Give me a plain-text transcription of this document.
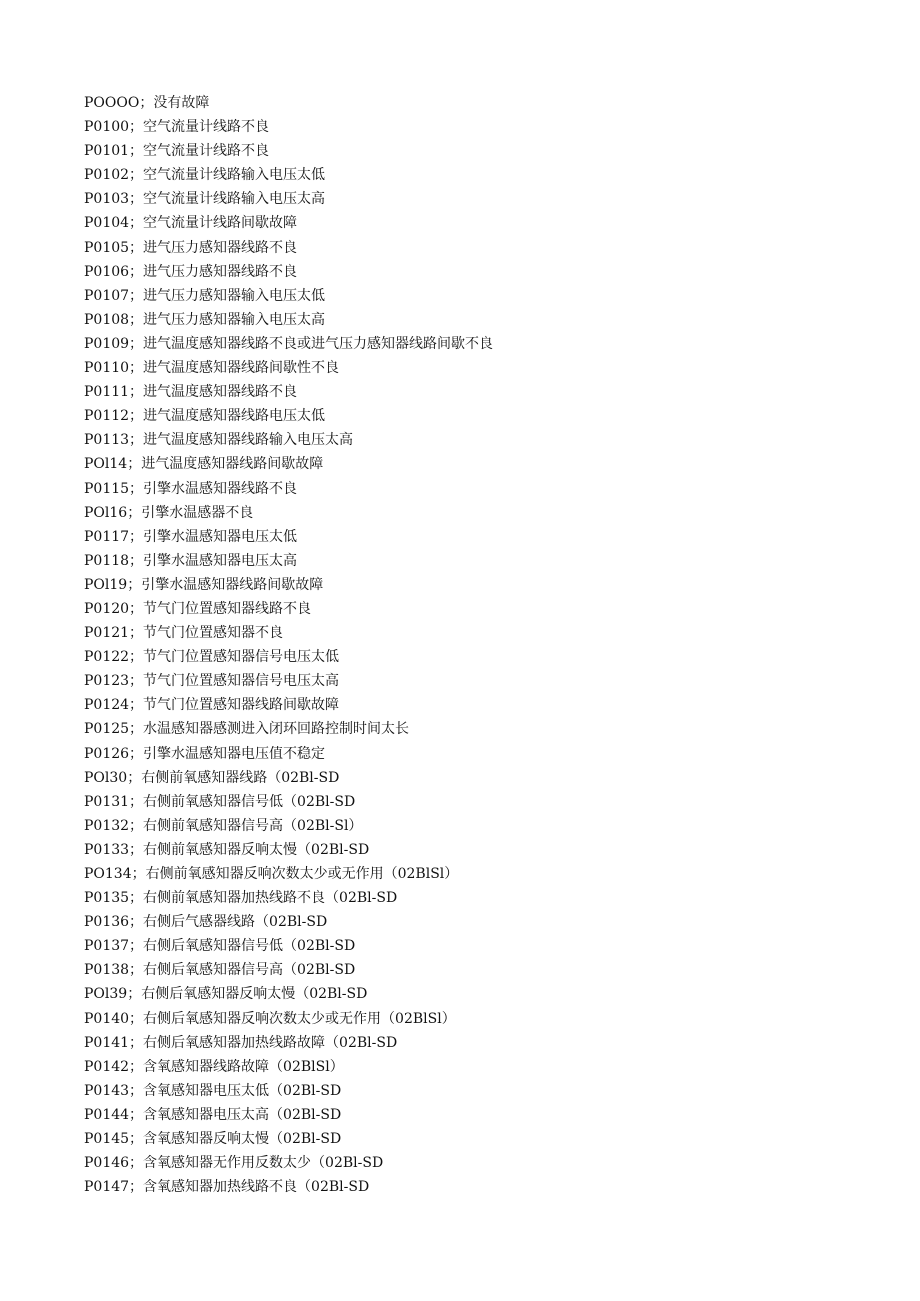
POOOO；没有故障
P0100；空气流量计线路不良
P0101；空气流量计线路不良
P0102；空气流量计线路输入电压太低
P0103；空气流量计线路输入电压太高
P0104；空气流量计线路间歇故障
P0105；进气压力感知器线路不良
P0106；进气压力感知器线路不良
P0107；进气压力感知器输入电压太低
P0108；进气压力感知器输入电压太高
P0109；进气温度感知器线路不良或进气压力感知器线路间歇不良
P0110；进气温度感知器线路间歇性不良
P0111；进气温度感知器线路不良
P0112；进气温度感知器线路电压太低
P0113；进气温度感知器线路输入电压太高
POl14；进气温度感知器线路间歇故障
P0115；引擎水温感知器线路不良
POl16；引擎水温感器不良
P0117；引擎水温感知器电压太低
P0118；引擎水温感知器电压太高
POl19；引擎水温感知器线路间歇故障
P0120；节气门位置感知器线路不良
P0121；节气门位置感知器不良
P0122；节气门位置感知器信号电压太低
P0123；节气门位置感知器信号电压太高
P0124；节气门位置感知器线路间歇故障
P0125；水温感知器感测进入闭环回路控制时间太长
P0126；引擎水温感知器电压值不稳定
POl30；右侧前氧感知器线路（02Bl-SD
P0131；右侧前氧感知器信号低（02Bl-SD
P0132；右侧前氧感知器信号高（02Bl-Sl）
P0133；右侧前氧感知器反响太慢（02Bl-SD
PO134；右侧前氧感知器反响次数太少或无作用（02BlSl）
P0135；右侧前氧感知器加热线路不良（02Bl-SD
P0136；右侧后气感器线路（02Bl-SD
P0137；右侧后氧感知器信号低（02Bl-SD
P0138；右侧后氧感知器信号高（02Bl-SD
POl39；右侧后氧感知器反响太慢（02Bl-SD
P0140；右侧后氧感知器反响次数太少或无作用（02BlSl）
P0141；右侧后氧感知器加热线路故障（02Bl-SD
P0142；含氧感知器线路故障（02BlSl）
P0143；含氧感知器电压太低（02Bl-SD
P0144；含氧感知器电压太高（02Bl-SD
P0145；含氧感知器反响太慢（02Bl-SD
P0146；含氧感知器无作用反数太少（02Bl-SD
P0147；含氧感知器加热线路不良（02Bl-SD
